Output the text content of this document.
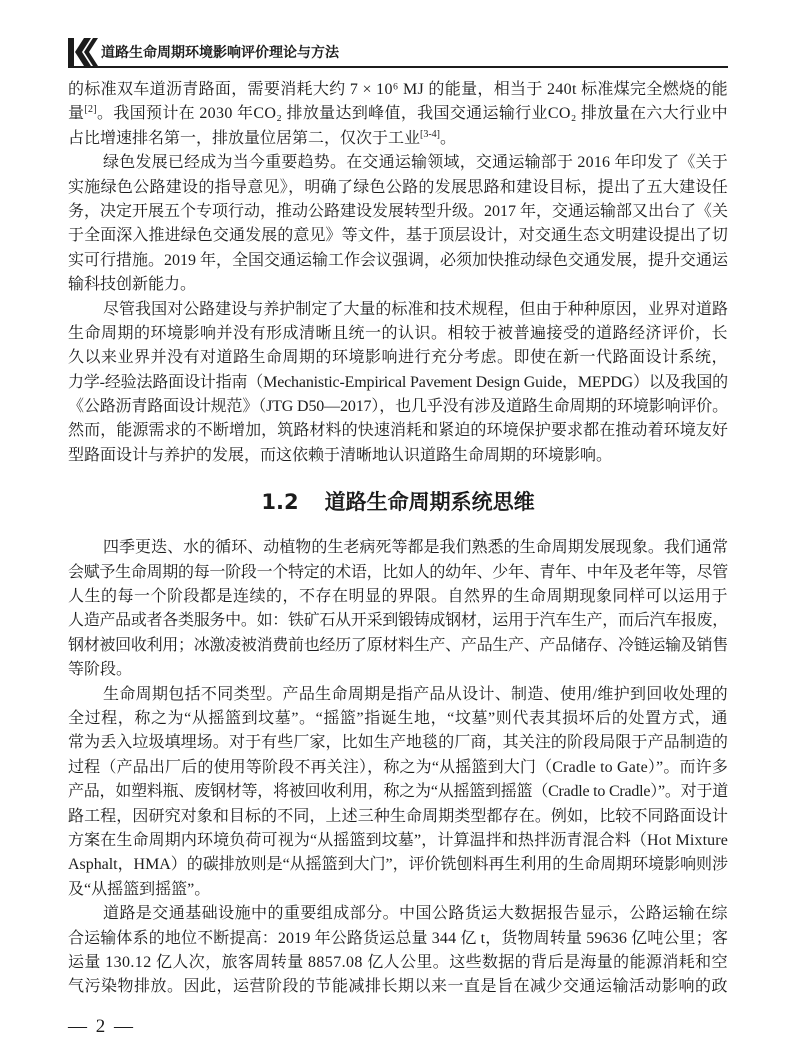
道路生命周期环境影响评价理论与方法
的标准双车道沥青路面，需要消耗大约 7 × 10⁶ MJ 的能量，相当于 240t 标准煤完全燃烧的能
量[2]。我国预计在 2030 年CO₂ 排放量达到峰值，我国交通运输行业CO₂ 排放量在六大行业中
占比增速排名第一，排放量位居第二，仅次于工业[3-4]。
绿色发展已经成为当今重要趋势。在交通运输领域，交通运输部于 2016 年印发了《关于
实施绿色公路建设的指导意见》，明确了绿色公路的发展思路和建设目标，提出了五大建设任
务，决定开展五个专项行动，推动公路建设发展转型升级。2017 年，交通运输部又出台了《关
于全面深入推进绿色交通发展的意见》等文件，基于顶层设计，对交通生态文明建设提出了切
实可行措施。2019 年，全国交通运输工作会议强调，必须加快推动绿色交通发展，提升交通运
输科技创新能力。
尽管我国对公路建设与养护制定了大量的标准和技术规程，但由于种种原因，业界对道路
生命周期的环境影响并没有形成清晰且统一的认识。相较于被普遍接受的道路经济评价，长
久以来业界并没有对道路生命周期的环境影响进行充分考虑。即使在新一代路面设计系统，
力学-经验法路面设计指南（Mechanistic-Empirical Pavement Design Guide，MEPDG）以及我国的
《公路沥青路面设计规范》（JTG D50—2017），也几乎没有涉及道路生命周期的环境影响评价。
然而，能源需求的不断增加，筑路材料的快速消耗和紧迫的环境保护要求都在推动着环境友好
型路面设计与养护的发展，而这依赖于清晰地认识道路生命周期的环境影响。
1.2 道路生命周期系统思维
四季更迭、水的循环、动植物的生老病死等都是我们熟悉的生命周期发展现象。我们通常
会赋予生命周期的每一阶段一个特定的术语，比如人的幼年、少年、青年、中年及老年等，尽管
人生的每一个阶段都是连续的，不存在明显的界限。自然界的生命周期现象同样可以运用于
人造产品或者各类服务中。如：铁矿石从开采到锻铸成钢材，运用于汽车生产，而后汽车报废，
钢材被回收利用；冰激凌被消费前也经历了原材料生产、产品生产、产品储存、冷链运输及销售
等阶段。
生命周期包括不同类型。产品生命周期是指产品从设计、制造、使用/维护到回收处理的
全过程，称之为“从摇篮到坟墓”。“摇篮”指诞生地，“坟墓”则代表其损坏后的处置方式，通
常为丢入垃圾填埋场。对于有些厂家，比如生产地毯的厂商，其关注的阶段局限于产品制造的
过程（产品出厂后的使用等阶段不再关注），称之为“从摇篮到大门（Cradle to Gate）”。而许多
产品，如塑料瓶、废钢材等，将被回收利用，称之为“从摇篮到摇篮（Cradle to Cradle）”。对于道
路工程，因研究对象和目标的不同，上述三种生命周期类型都存在。例如，比较不同路面设计
方案在生命周期内环境负荷可视为“从摇篮到坟墓”，计算温拌和热拌沥青混合料（Hot Mixture
Asphalt，HMA）的碳排放则是“从摇篮到大门”，评价铣刨料再生利用的生命周期环境影响则涉
及“从摇篮到摇篮”。
道路是交通基础设施中的重要组成部分。中国公路货运大数据报告显示，公路运输在综
合运输体系的地位不断提高：2019 年公路货运总量 344 亿 t，货物周转量 59636 亿吨公里；客
运量 130.12 亿人次，旅客周转量 8857.08 亿人公里。这些数据的背后是海量的能源消耗和空
气污染物排放。因此，运营阶段的节能减排长期以来一直是旨在减少交通运输活动影响的政
— 2 —
